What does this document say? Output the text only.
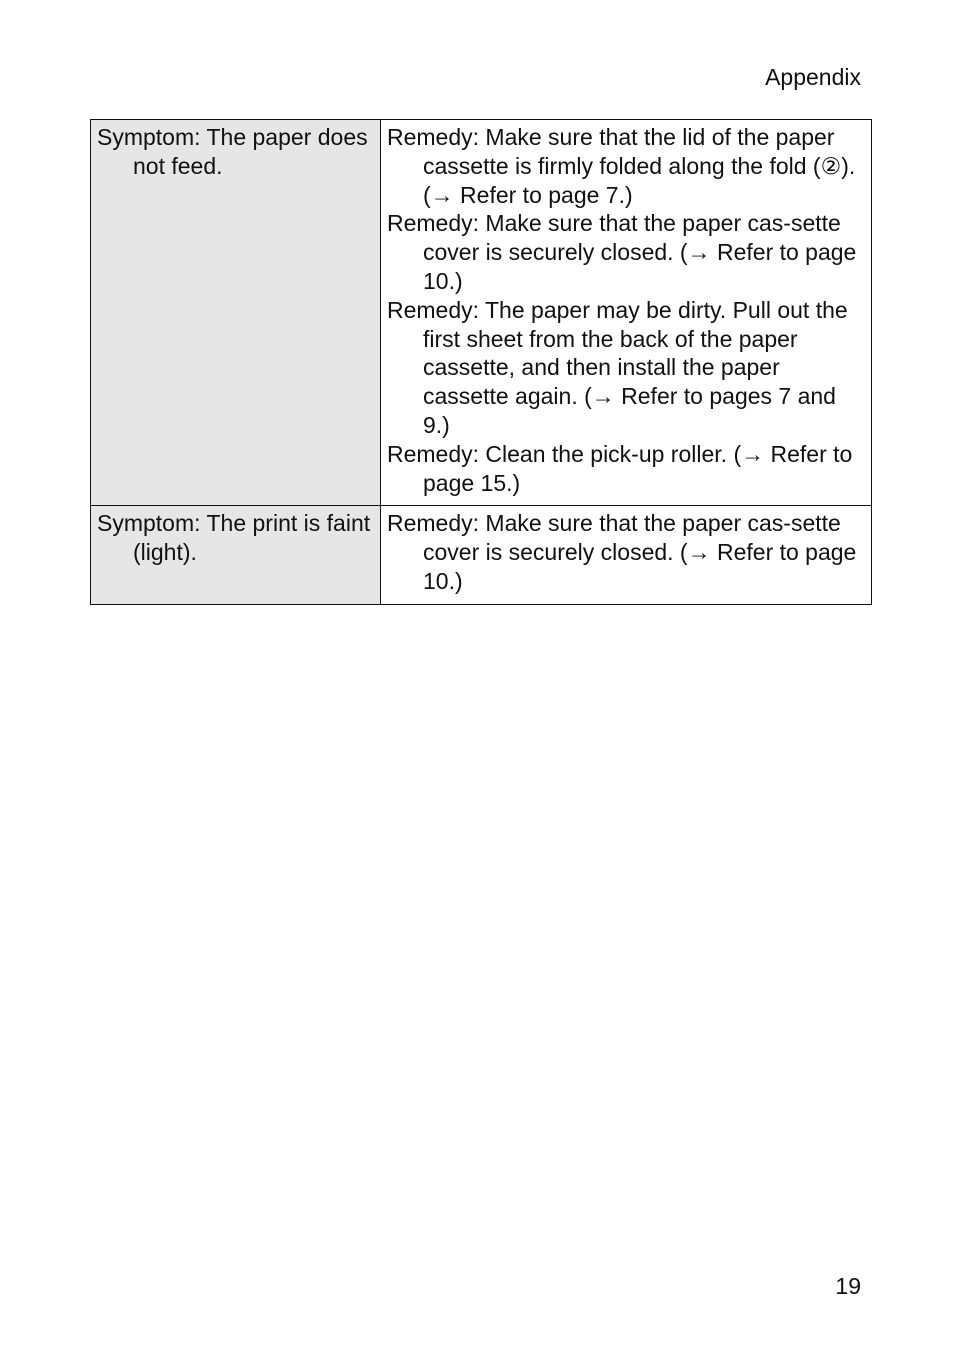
Appendix

Symptom: The paper does not feed.	Remedy: Make sure that the lid of the paper cassette is firmly folded along the fold (②). (→ Refer to page 7.)

Remedy: Make sure that the paper cas-sette cover is securely closed. (→ Refer to page 10.)

Remedy: The paper may be dirty. Pull out the first sheet from the back of the paper cassette, and then install the paper cassette again. (→ Refer to pages 7 and 9.)

Remedy: Clean the pick-up roller. (→ Refer to page 15.)

Symptom: The print is faint (light).	Remedy: Make sure that the paper cas-sette cover is securely closed. (→ Refer to page 10.)

19
